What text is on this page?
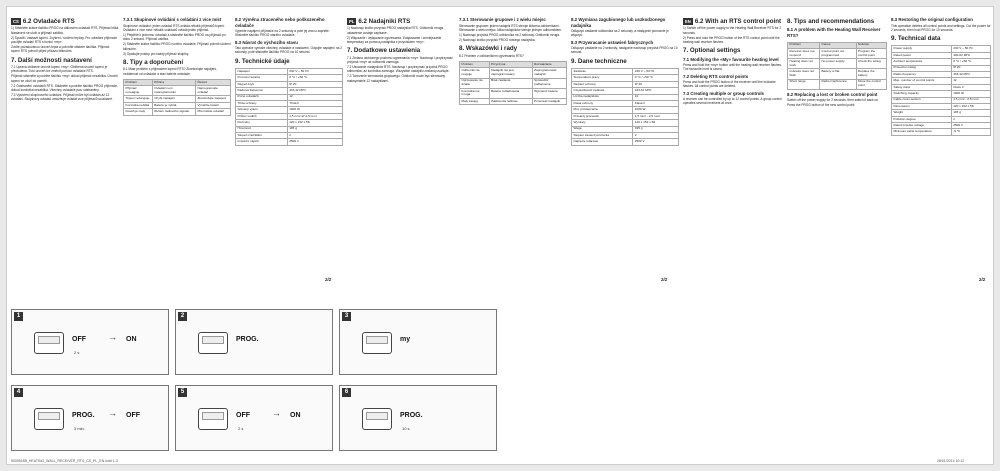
CS 6.2 Ovladače RTS

1) Stiskněte krátce tlačítko PROG na dálkovém ovladači RTS. Přijímač bliká. Nastavení se uloží a přijímač zabliká.

2) Spustit / zastavit topení. Zvýšení / snížení teploty. Pro ovládání přijímače použijte ovladač RTS s funkcí «my».

Zvolte požadovanou úroveň tepla a potvrďte stiskem tlačítka. Přijímač topení RTS potvrdí přijetí příkazu bliknutím.

7. Další možnosti nastavení

7.1 Úprava oblíbené úrovně topení «my». Oblíbená úroveň topení je předvolená. Tuto úroveň lze změnit pomocí ovladače RTS.

Přijímač stiskněte a podržte tlačítko «my» dokud přijímač nezabliká. Úroveň topení se uloží do paměti.

7.2 Odstranění ovladačů RTS. Stiskněte a podržte tlačítko PROG přijímače, dokud kontrolka nezabliká. Všechny ovladače jsou odstraněny.

7.3 Vytvoření skupinového ovládání. Přijímač může být ovládán až 12 ovladači. Skupinový ovladač umožňuje ovládat více přijímačů současně.

7.3.1 Skupinové ovládání s ovládání z více míst

Skupinové ovládání: jeden ovladač RTS ovládá několik přijímačů topení. Ovládání z více míst: několik ovladačů ovládá jeden přijímač.

1) Přejděte k jednomu ovladači a stiskněte tlačítko PROG na přijímači po dobu 2 sekund. Přijímač zabliká.

2) Stiskněte krátce tlačítko PROG nového ovladače. Přijímač potvrdí uložení bliknutím.

3) Opakujte postup pro každý přijímač skupiny.

8. Tipy a doporučení

8.1 Máte problém s přijímačem topení RTS? Zkontrolujte napájení, vzdálenost od ovladače a stav baterie ovladače.

Problém	Příčina	Řešení
Přijímač nereaguje	Ovladač není naprogramován	Naprogramujte ovladač
Topení nefunguje	Chybí napájení	Zkontrolujte zapojení
Kontrolka nebliká	Baterie je vybitá	Vyměňte baterii
Dosah je malý	Rušení rádiového signálu	Přemístěte ovladač
8.2 Výměna ztraceného nebo poškozeného ovladače

Vypněte napájení přijímače na 2 sekundy a poté jej znovu zapněte. Stiskněte tlačítko PROG starého ovladače.

8.3 Návrat do výchozího stavu

Tato operace vymaže všechny ovladače a nastavení. Odpojte napájení na 2 sekundy, poté stiskněte tlačítko PROG na 10 sekund.

9. Technické údaje
Napájení	230 V ~ 50 Hz
Provozní teplota	0 °C / +50 °C
Stupeň krytí	IP 20
Rádiová frekvence	433,42 MHz
Počet ovladačů	12
Třída ochrany	Třída II
Spínaný výkon	1000 W
Průřez vodičů	1,5 mm² až 2,5 mm²
Rozměry	120 x 152 x 58
Hmotnost	195 g
Stupeň znečištění	2
Impulzní napětí	2500 V
2/2
PL 6.2 Nadajniki RTS

1) Nacisnąć krótko przycisk PROG nadajnika RTS. Odbiornik mruga, ustawienie zostaje zapisane.

2) Włączanie / wyłączanie ogrzewania. Zwiększanie / zmniejszanie temperatury za pomocą nadajnika z przyciskiem «my».

7. Dodatkowe ustawienia

7.1 Zmiana ulubionego poziomu ogrzewania «my». Nacisnąć i przytrzymać przycisk «my» aż odbiornik zamruga.

7.2 Usuwanie nadajników RTS. Nacisnąć i przytrzymać przycisk PROG odbiornika, aż kontrolka zamruga. Wszystkie nadajniki zostaną usunięte.

7.3 Tworzenie sterowania grupowego. Odbiornik może być sterowany maksymalnie 12 nadajnikami.

7.3.1 Sterowanie grupowe i z wielu miejsc

Sterowanie grupowe: jeden nadajnik RTS steruje kilkoma odbiornikami. Sterowanie z wielu miejsc: kilka nadajników steruje jednym odbiornikiem.

1) Nacisnąć przycisk PROG odbiornika na 2 sekundy. Odbiornik mruga.

2) Nacisnąć krótko przycisk PROG nowego nadajnika.

8. Wskazówki i rady

8.1 Problem z odbiornikiem ogrzewania RTS?

Problem	Przyczyna	Rozwiązanie
Odbiornik nie reaguje	Nadajnik nie jest zaprogramowany	Zaprogramować nadajnik
Ogrzewanie nie działa	Brak zasilania	Sprawdzić podłączenie
Kontrolka nie mruga	Bateria rozładowana	Wymienić baterię
Mały zasięg	Zakłócenia radiowe	Przenieść nadajnik
8.2 Wymiana zagubionego lub uszkodzonego nadajnika

Odłączyć zasilanie odbiornika na 2 sekundy, a następnie ponownie je włączyć.

8.3 Przywracanie ustawień fabrycznych

Odłączyć zasilanie na 2 sekundy, następnie nacisnąć przycisk PROG na 10 sekund.

9. Dane techniczne
Zasilanie	230 V ~ 50 Hz
Temperatura pracy	0 °C / +50 °C
Stopień ochrony	IP 20
Częstotliwość radiowa	433,42 MHz
Liczba nadajników	12
Klasa ochrony	Klasa II
Moc przełączania	1000 W
Przekrój przewodu	1,5 mm² - 2,5 mm²
Wymiary	120 x 152 x 58
Waga	195 g
Stopień zanieczyszczenia	2
Napięcie udarowe	2500 V
2/2
EN 6.2 With an RTS control point

1) Switch off the power supply to the Heating Wall Receiver RTS for 2 seconds.

2) Press and hold the PROG button of the RTS control point until the heating wall receiver flashes.

7. Optional settings
7.1 Modifying the «My» favourite heating level

Press and hold the «my» button until the heating wall receiver flashes. The favourite level is saved.

7.2 Deleting RTS control points

Press and hold the PROG button of the receiver until the indicator flashes. All control points are deleted.

7.3 Creating multiple or group controls

A receiver can be controlled by up to 12 control points. A group control operates several receivers at once.

8. Tips and recommendations
8.1 A problem with the Heating Wall Receiver RTS?
Problem	Cause	Solution
Receiver does not respond	Control point not programmed	Program the control point
Heating does not work	No power supply	Check the wiring
Indicator does not flash	Battery is flat	Replace the battery
Short range	Radio interference	Move the control point
8.2 Replacing a lost or broken control point

Switch off the power supply for 2 seconds, then switch it back on. Press the PROG button of the new control point.

8.3 Restoring the original configuration

This operation deletes all control points and settings. Cut the power for 2 seconds, then hold PROG for 10 seconds.

9. Technical data
Power supply	230 V ~ 50 Hz
Rated power	400-62 MHz
Ambient temperature	0 °C / +50 °C
Protection rating	IP 20
Radio frequency	433.42 MHz
Max. number of control points	12
Safety class	Class II
Switching capacity	1000 W
Cable cross section	1.5 mm² - 2.5 mm²
Dimensions	120 x 152 x 58
Weight	195 g
Pollution degree	2
Rated impulse voltage	2500 V
Minimum cable temperature	-5 °C
2/2
1
OFF
2 s
→ ON
2
PROG.
3
my
4
PROG.
3 min.
→ OFF
5
OFF
2 s
→ ON
6
PROG.
10 s
5005918B_HEATING_WALL_RECEIVER_RTS_CS_PL_EN.indd 1-3	28/01/2014 10:12
